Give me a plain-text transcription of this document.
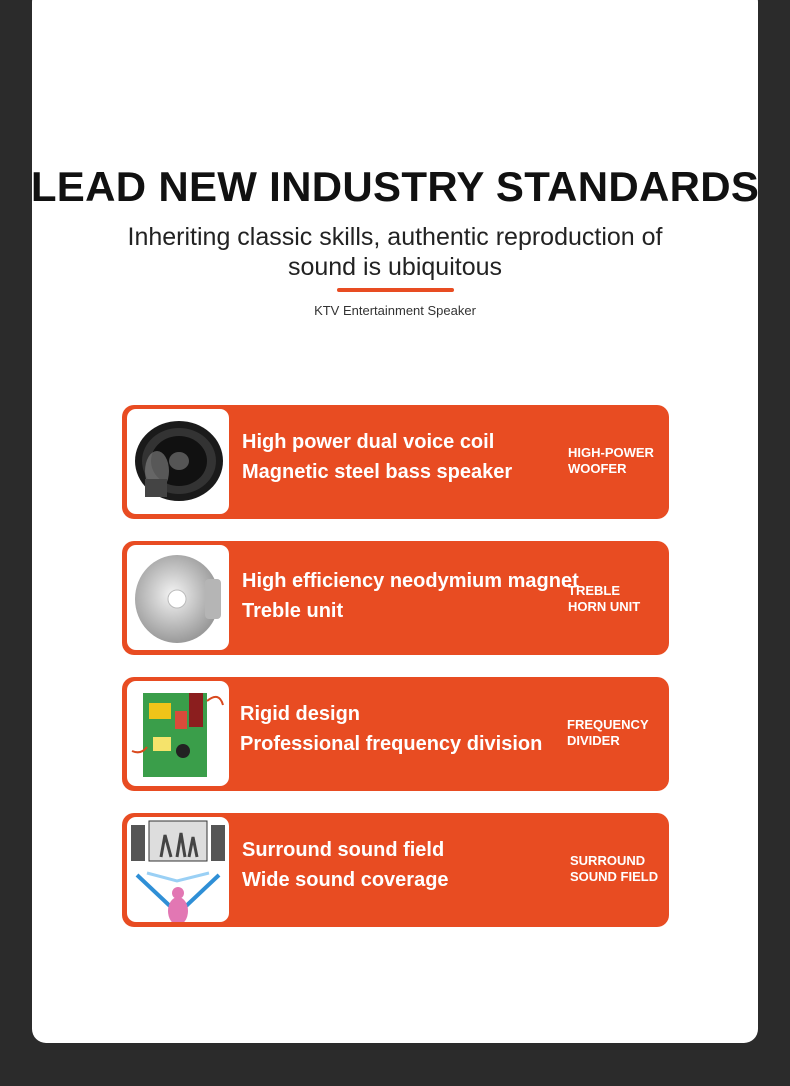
LEAD NEW INDUSTRY STANDARDS
Inheriting classic skills, authentic reproduction of
sound is ubiquitous
KTV Entertainment Speaker
High power dual voice coil
Magnetic steel bass speaker
HIGH-POWER
WOOFER
High efficiency neodymium magnet
Treble unit
TREBLE
HORN UNIT
Rigid design
Professional frequency division
FREQUENCY
DIVIDER
Surround sound field
Wide sound coverage
SURROUND
SOUND FIELD
